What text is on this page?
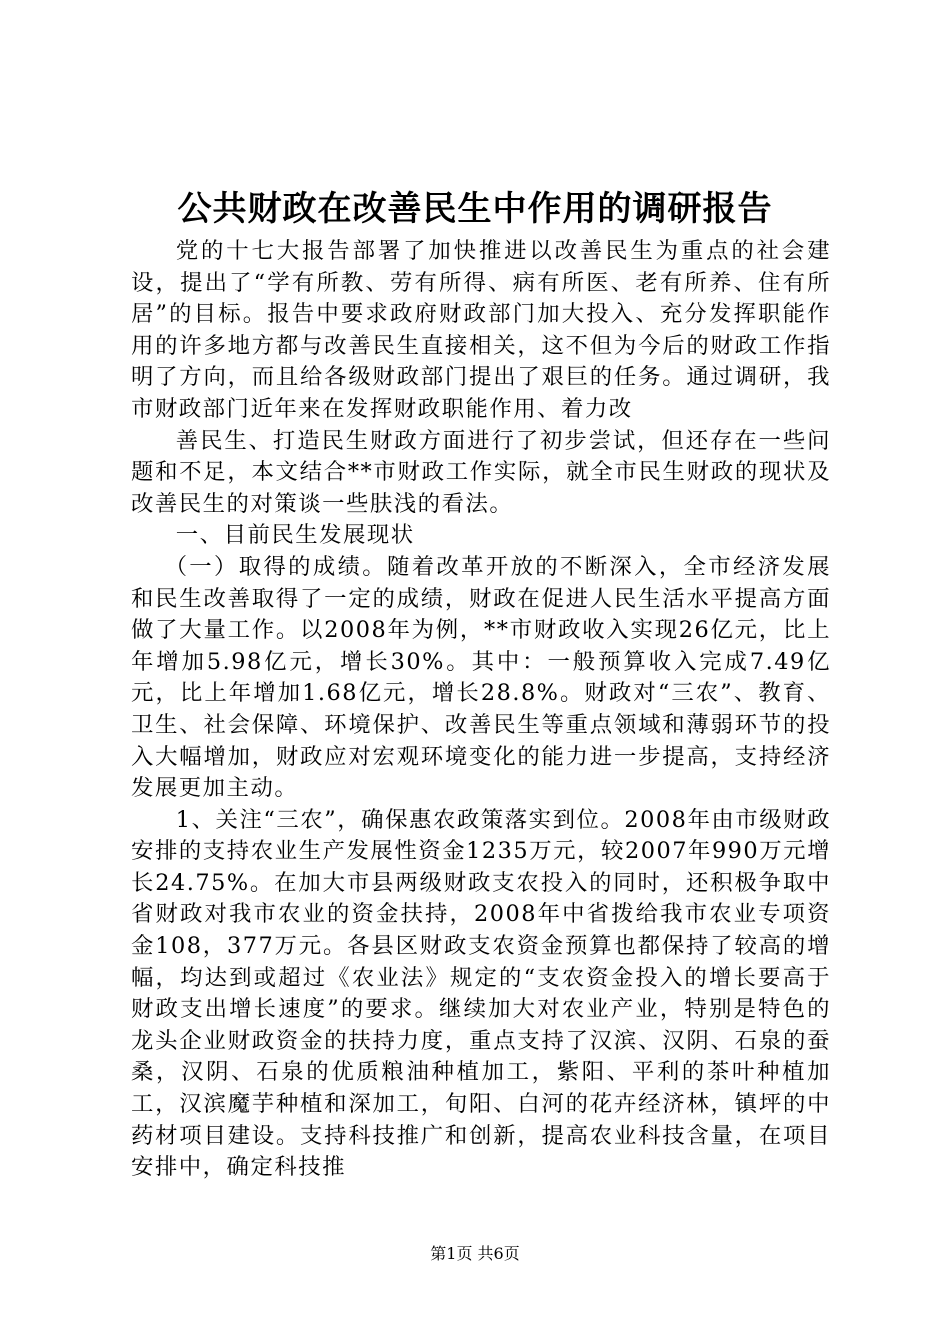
公共财政在改善民生中作用的调研报告

党的十七大报告部署了加快推进以改善民生为重点的社会建设，提出了“学有所教、劳有所得、病有所医、老有所养、住有所居”的目标。报告中要求政府财政部门加大投入、充分发挥职能作用的许多地方都与改善民生直接相关，这不但为今后的财政工作指明了方向，而且给各级财政部门提出了艰巨的任务。通过调研，我市财政部门近年来在发挥财政职能作用、着力改

善民生、打造民生财政方面进行了初步尝试，但还存在一些问题和不足，本文结合**市财政工作实际，就全市民生财政的现状及改善民生的对策谈一些肤浅的看法。

一、目前民生发展现状

（一）取得的成绩。随着改革开放的不断深入，全市经济发展和民生改善取得了一定的成绩，财政在促进人民生活水平提高方面做了大量工作。以2008年为例，**市财政收入实现26亿元，比上年增加5.98亿元，增长30%。其中：一般预算收入完成7.49亿元，比上年增加1.68亿元，增长28.8%。财政对“三农”、教育、卫生、社会保障、环境保护、改善民生等重点领域和薄弱环节的投入大幅增加，财政应对宏观环境变化的能力进一步提高，支持经济发展更加主动。

1、关注“三农”，确保惠农政策落实到位。2008年由市级财政安排的支持农业生产发展性资金1235万元，较2007年990万元增长24.75%。在加大市县两级财政支农投入的同时，还积极争取中省财政对我市农业的资金扶持，2008年中省拨给我市农业专项资金108，377万元。各县区财政支农资金预算也都保持了较高的增幅，均达到或超过《农业法》规定的“支农资金投入的增长要高于财政支出增长速度”的要求。继续加大对农业产业，特别是特色的龙头企业财政资金的扶持力度，重点支持了汉滨、汉阴、石泉的蚕桑，汉阴、石泉的优质粮油种植加工，紫阳、平利的茶叶种植加工，汉滨魔芋种植和深加工，旬阳、白河的花卉经济林，镇坪的中药材项目建设。支持科技推广和创新，提高农业科技含量，在项目安排中，确定科技推

第1页 共6页
